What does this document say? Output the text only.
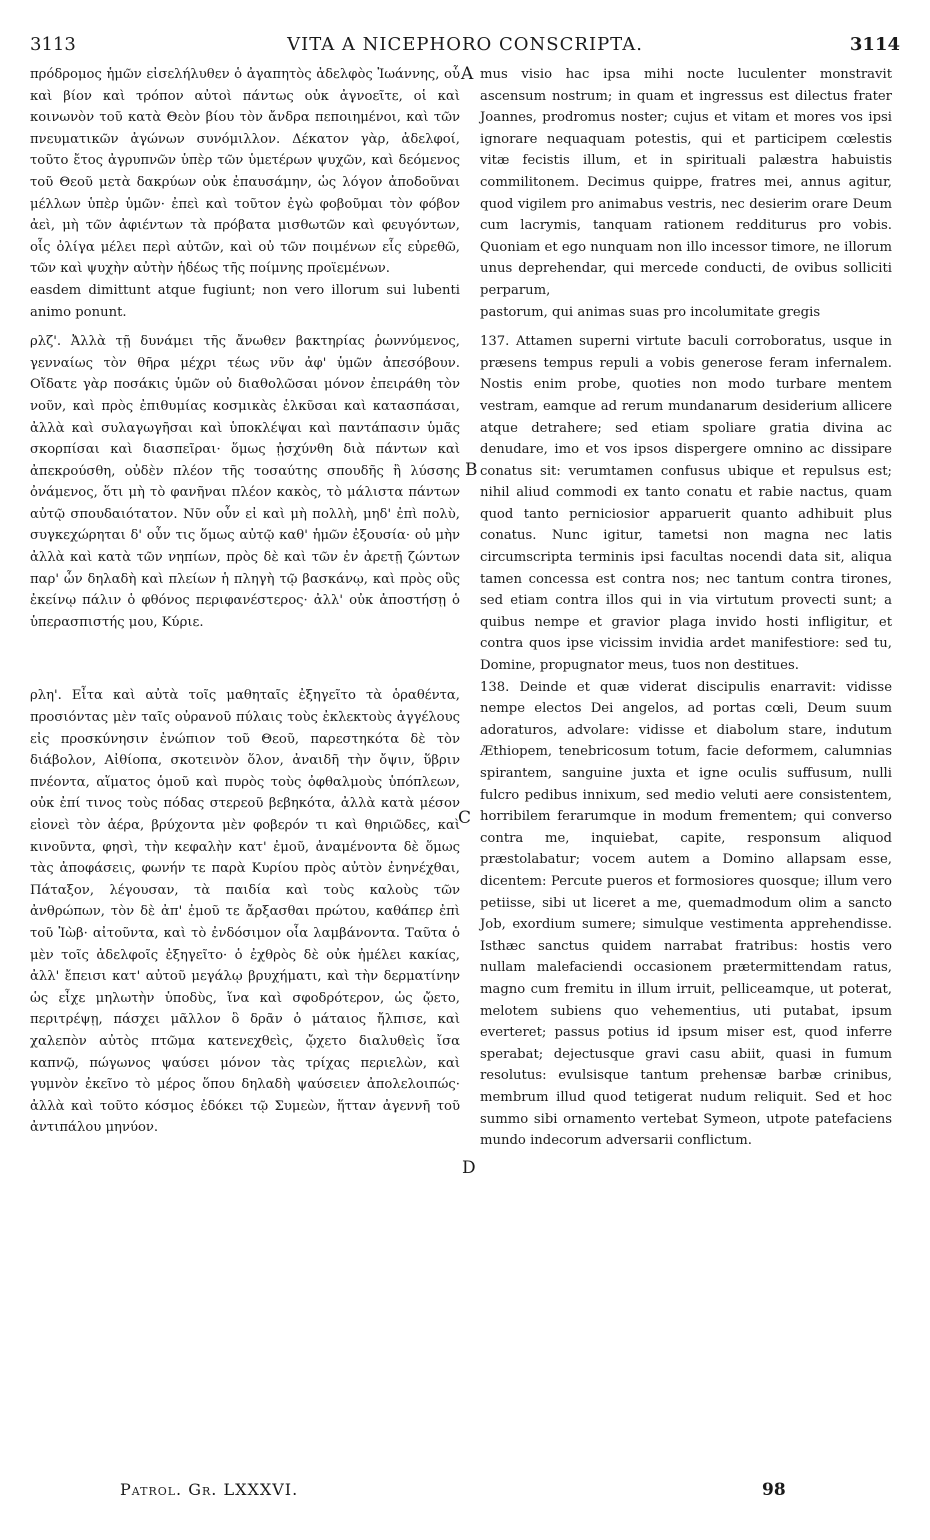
3113	VITA A NICEPHORO CONSCRIPTA.	3114

πρόδρομος ἡμῶν εἰσελήλυθεν ὁ ἀγαπητὸς ἀδελφὸς Ἰωάννης, οὗ καὶ βίον καὶ τρόπον αὐτοὶ πάντως οὐκ ἀγνοεῖτε, οἱ καὶ κοινωνὸν τοῦ κατὰ Θεὸν βίου τὸν ἄνδρα πεποιημένοι, καὶ τῶν πνευματικῶν ἀγώνων συνόμιλλον. Δέκατον γὰρ, ἀδελφοί, τοῦτο ἔτος ἀγρυπνῶν ὑπὲρ τῶν ὑμετέρων ψυχῶν, καὶ δεόμενος τοῦ Θεοῦ μετὰ δακρύων οὐκ ἐπαυσάμην, ὡς λόγον ἀποδοῦναι μέλλων ὑπὲρ ὑμῶν· ἐπεὶ καὶ τοῦτον ἐγὼ φοβοῦμαι τὸν φόβον ἀεὶ, μὴ τῶν ἀφιέντων τὰ πρόβατα μισθωτῶν καὶ φευγόντων, οἷς ὀλίγα μέλει περὶ αὐτῶν, καὶ οὐ τῶν ποιμένων εἷς εὑρεθῶ, τῶν καὶ ψυχὴν αὐτὴν ἡδέως τῆς ποίμνης προϊεμένων.

easdem dimittunt atque fugiunt; non vero illorum sui lubenti animo ponunt.

ρλζ'. Ἀλλὰ τῇ δυνάμει τῆς ἄνωθεν βακτηρίας ῥωννύμενος, γενναίως τὸν θῆρα μέχρι τέως νῦν ἀφ' ὑμῶν ἀπεσόβουν. Οἴδατε γὰρ ποσάκις ὑμῶν οὐ διαθολῶσαι μόνον ἐπειράθη τὸν νοῦν, καὶ πρὸς ἐπιθυμίας κοσμικὰς ἑλκῦσαι καὶ κατασπάσαι, ἀλλὰ καὶ συλαγωγῆσαι καὶ ὑποκλέψαι καὶ παντάπασιν ὑμᾶς σκορπίσαι καὶ διασπεῖραι· ὅμως ᾐσχύνθη διὰ πάντων καὶ ἀπεκρούσθη, οὐδὲν πλέον τῆς τοσαύτης σπουδῆς ἢ λύσσης ὀνάμενος, ὅτι μὴ τὸ φανῆναι πλέον κακὸς, τὸ μάλιστα πάντων αὐτῷ σπουδαιότατον. Νῦν οὖν εἰ καὶ μὴ πολλὴ, μηδ' ἐπὶ πολὺ, συγκεχώρηται δ' οὖν τις ὅμως αὐτῷ καθ' ἡμῶν ἐξουσία· οὐ μὴν ἀλλὰ καὶ κατὰ τῶν νηπίων, πρὸς δὲ καὶ τῶν ἐν ἀρετῇ ζώντων παρ' ὧν δηλαδὴ καὶ πλείων ἡ πληγὴ τῷ βασκάνῳ, καὶ πρὸς οὓς ἐκείνῳ πάλιν ὁ φθόνος περιφανέστερος· ἀλλ' οὐκ ἀποστήσῃ ὁ ὑπερασπιστής μου, Κύριε.

ρλη'. Εἶτα καὶ αὐτὰ τοῖς μαθηταῖς ἐξηγεῖτο τὰ ὁραθέντα, προσιόντας μὲν ταῖς οὐρανοῦ πύλαις τοὺς ἐκλεκτοὺς ἀγγέλους εἰς προσκύνησιν ἐνώπιον τοῦ Θεοῦ, παρεστηκότα δὲ τὸν διάβολον, Αἰθίοπα, σκοτεινὸν ὅλον, ἀναιδῆ τὴν ὄψιν, ὕβριν πνέοντα, αἵματος ὁμοῦ καὶ πυρὸς τοὺς ὀφθαλμοὺς ὑπόπλεων, οὐκ ἐπί τινος τοὺς πόδας στερεοῦ βεβηκότα, ἀλλὰ κατὰ μέσον εἰονεὶ τὸν ἀέρα, βρύχοντα μὲν φοβερόν τι καὶ θηριῶδες, καὶ κινοῦντα, φησὶ, τὴν κεφαλὴν κατ' ἐμοῦ, ἀναμένοντα δὲ ὅμως τὰς ἀποφάσεις, φωνήν τε παρὰ Κυρίου πρὸς αὐτὸν ἐνηνέχθαι, Πάταξον, λέγουσαν, τὰ παιδία καὶ τοὺς καλοὺς τῶν ἀνθρώπων, τὸν δὲ ἀπ' ἐμοῦ τε ἄρξασθαι πρώτου, καθάπερ ἐπὶ τοῦ Ἰὼβ· αἰτοῦντα, καὶ τὸ ἐνδόσιμον οἷα λαμβάνοντα. Ταῦτα ὁ μὲν τοῖς ἀδελφοῖς ἐξηγεῖτο· ὁ ἐχθρὸς δὲ οὐκ ἠμέλει κακίας, ἀλλ' ἔπεισι κατ' αὐτοῦ μεγάλῳ βρυχήματι, καὶ τὴν δερματίνην ὡς εἶχε μηλωτὴν ὑποδὺς, ἵνα καὶ σφοδρότερον, ὡς ᾤετο, περιτρέψῃ, πάσχει μᾶλλον ὃ δρᾶν ὁ μάταιος ἤλπισε, καὶ χαλεπὸν αὐτὸς πτῶμα κατενεχθεὶς, ᾤχετο διαλυθεὶς ἴσα καπνῷ, πώγωνος ψαύσει μόνον τὰς τρίχας περιελὼν, καὶ γυμνὸν ἐκεῖνο τὸ μέρος ὅπου δηλαδὴ ψαύσειεν ἀπολελοιπώς· ἀλλὰ καὶ τοῦτο κόσμος ἐδόκει τῷ Συμεὼν, ἥτταν ἀγεννῆ τοῦ ἀντιπάλου μηνύον.

mus visio hac ipsa mihi nocte luculenter monstravit ascensum nostrum; in quam et ingressus est dilectus frater Joannes, prodromus noster; cujus et vitam et mores vos ipsi ignorare nequaquam potestis, qui et participem cœlestis vitæ fecistis illum, et in spirituali palæstra habuistis commilitonem. Decimus quippe, fratres mei, annus agitur, quod vigilem pro animabus vestris, nec desierim orare Deum cum lacrymis, tanquam rationem redditurus pro vobis. Quoniam et ego nunquam non illo incessor timore, ne illorum unus deprehendar, qui mercede conducti, de ovibus solliciti perparum,

pastorum, qui animas suas pro incolumitate gregis

137. Attamen superni virtute baculi corroboratus, usque in præsens tempus repuli a vobis generose feram infernalem. Nostis enim probe, quoties non modo turbare mentem vestram, eamque ad rerum mundanarum desiderium allicere atque detrahere; sed etiam spoliare gratia divina ac denudare, imo et vos ipsos dispergere omnino ac dissipare conatus sit: verumtamen confusus ubique et repulsus est; nihil aliud commodi ex tanto conatu et rabie nactus, quam quod tanto perniciosior apparuerit quanto adhibuit plus conatus. Nunc igitur, tametsi non magna nec latis circumscripta terminis ipsi facultas nocendi data sit, aliqua tamen concessa est contra nos; nec tantum contra tirones, sed etiam contra illos qui in via virtutum provecti sunt; a quibus nempe et gravior plaga invido hosti infligitur, et contra quos ipse vicissim invidia ardet manifestiore: sed tu, Domine, propugnator meus, tuos non destitues.

138. Deinde et quæ viderat discipulis enarravit: vidisse nempe electos Dei angelos, ad portas cœli, Deum suum adoraturos, advolare: vidisse et diabolum stare, indutum Æthiopem, tenebricosum totum, facie deformem, calumnias spirantem, sanguine juxta et igne oculis suffusum, nulli fulcro pedibus innixum, sed medio veluti aere consistentem, horribilem ferarumque in modum frementem; qui converso contra me, inquiebat, capite, responsum aliquod præstolabatur; vocem autem a Domino allapsam esse, dicentem: Percute pueros et formosiores quosque; illum vero petiisse, sibi ut liceret a me, quemadmodum olim a sancto Job, exordium sumere; simulque vestimenta apprehendisse. Isthæc sanctus quidem narrabat fratribus: hostis vero nullam malefaciendi occasionem prætermittendam ratus, magno cum fremitu in illum irruit, pelliceamque, ut poterat, melotem subiens quo vehementius, uti putabat, ipsum everteret; passus potius id ipsum miser est, quod inferre sperabat; dejectusque gravi casu abiit, quasi in fumum resolutus: evulsisque tantum prehensæ barbæ crinibus, membrum illud quod tetigerat nudum reliquit. Sed et hoc summo sibi ornamento vertebat Symeon, utpote patefaciens mundo indecorum adversarii conflictum.

A
B
C
D
Patrol. Gr. LXXXVI.	98
